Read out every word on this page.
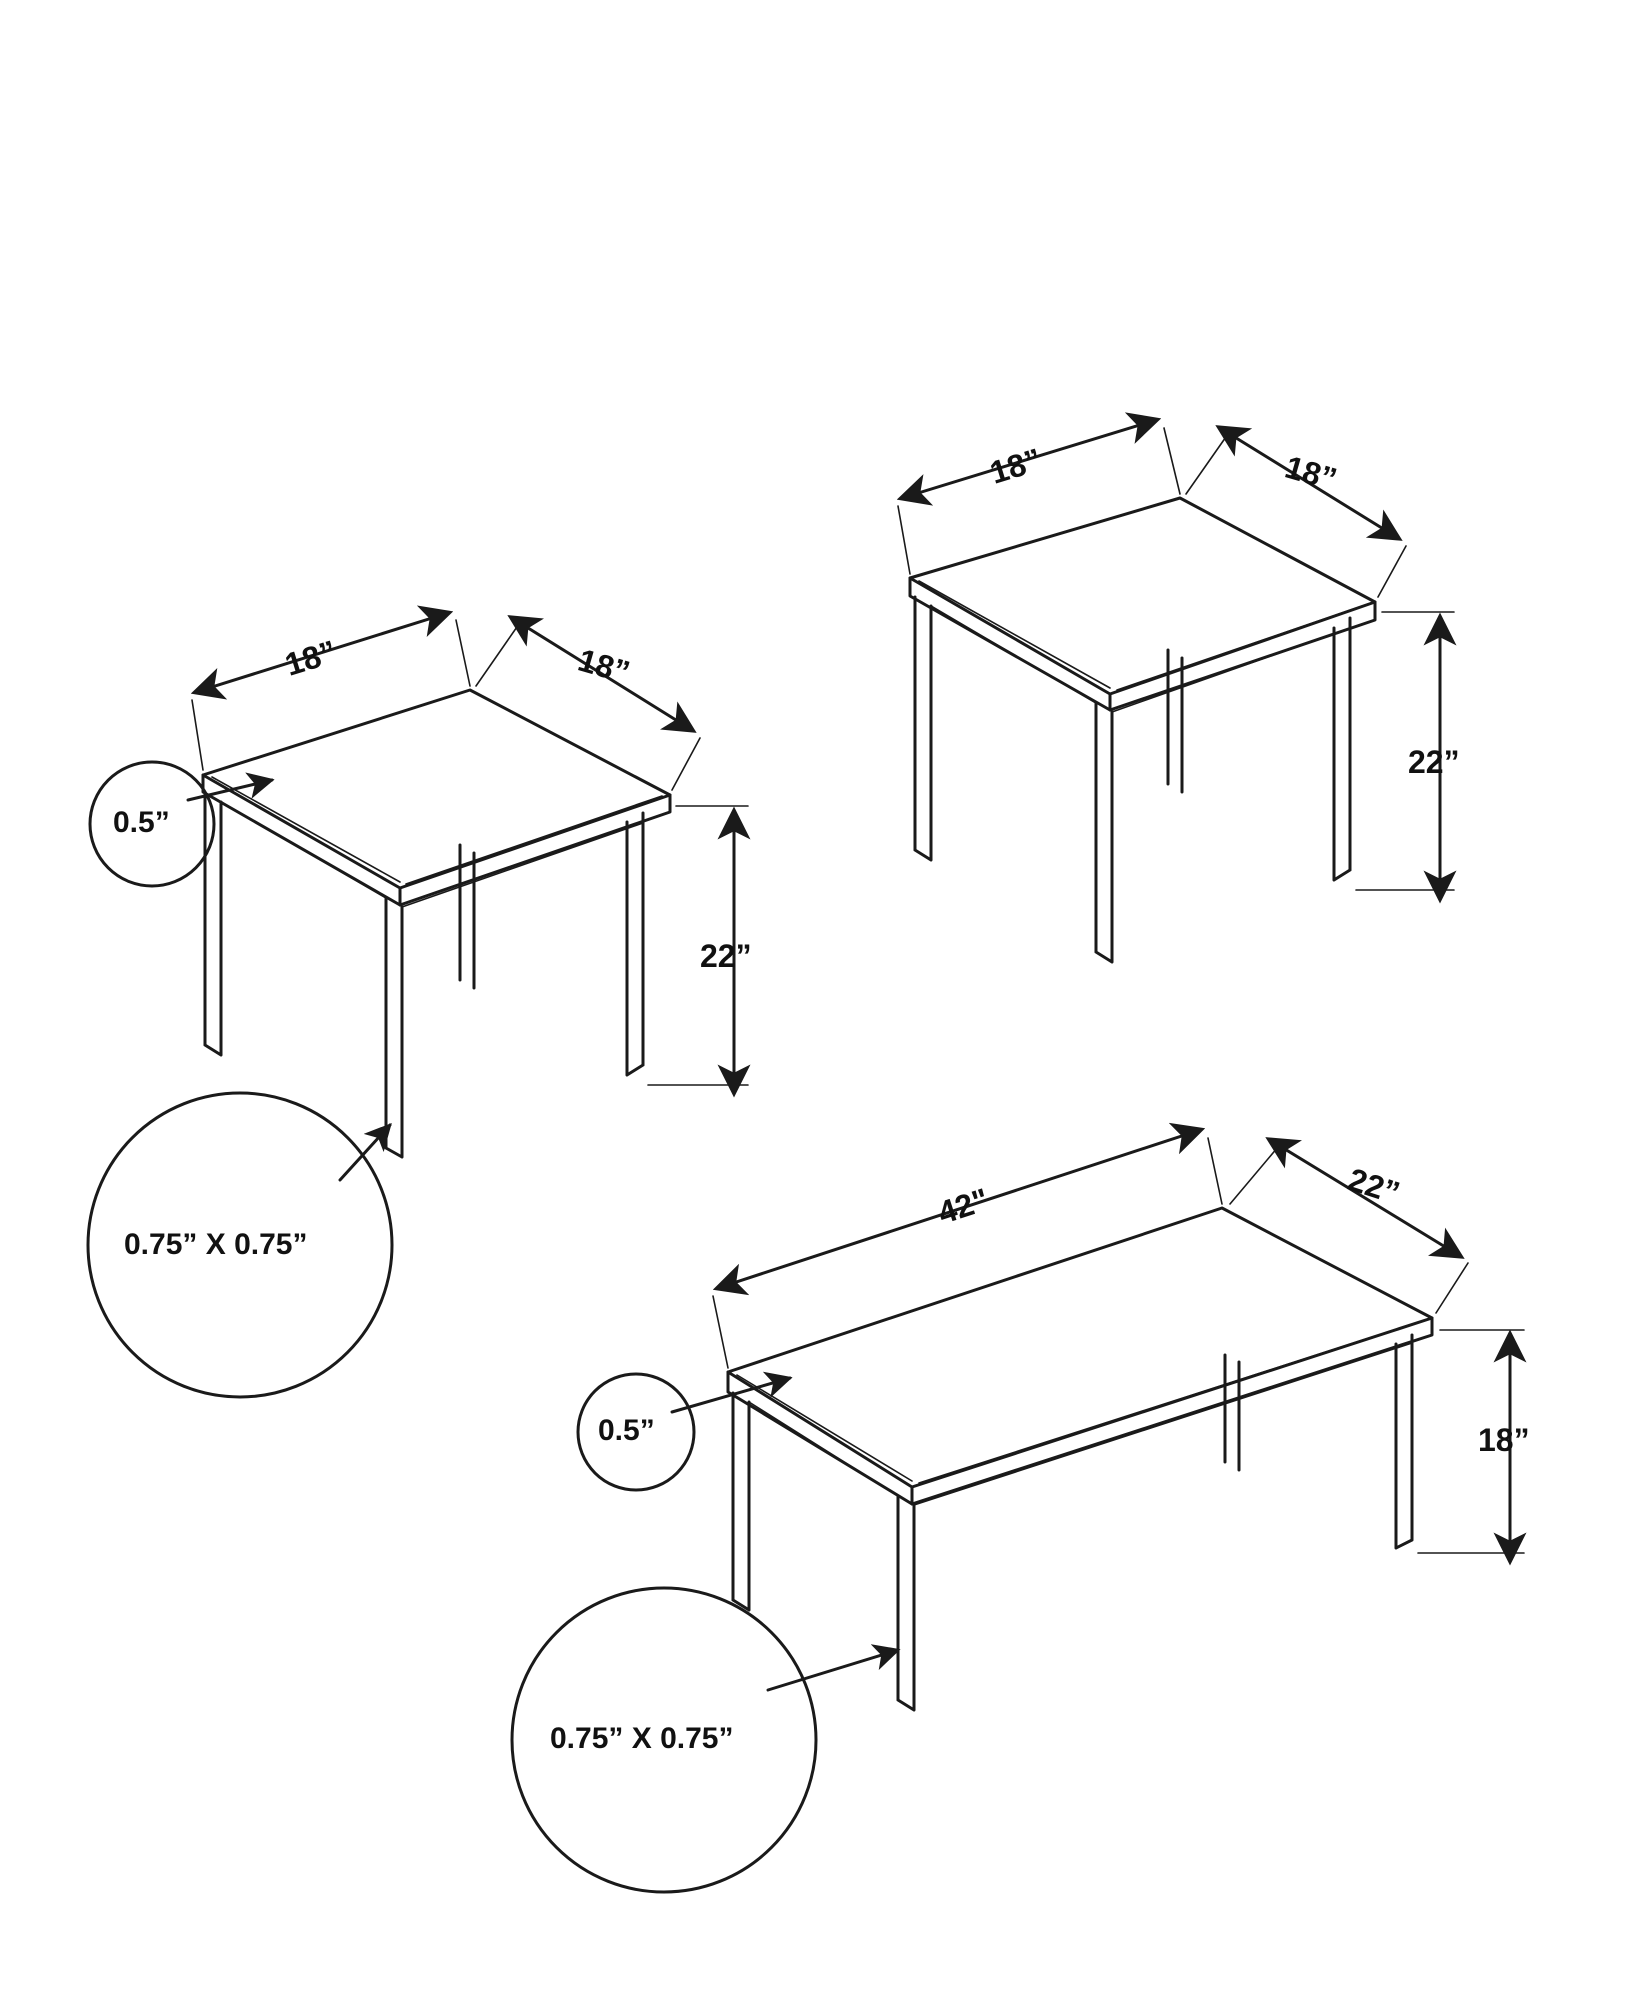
18”	18”
22”
0.5”
0.75” X 0.75”
18”	18”
22”
42"	22”
18”
0.5”
0.75” X 0.75”
